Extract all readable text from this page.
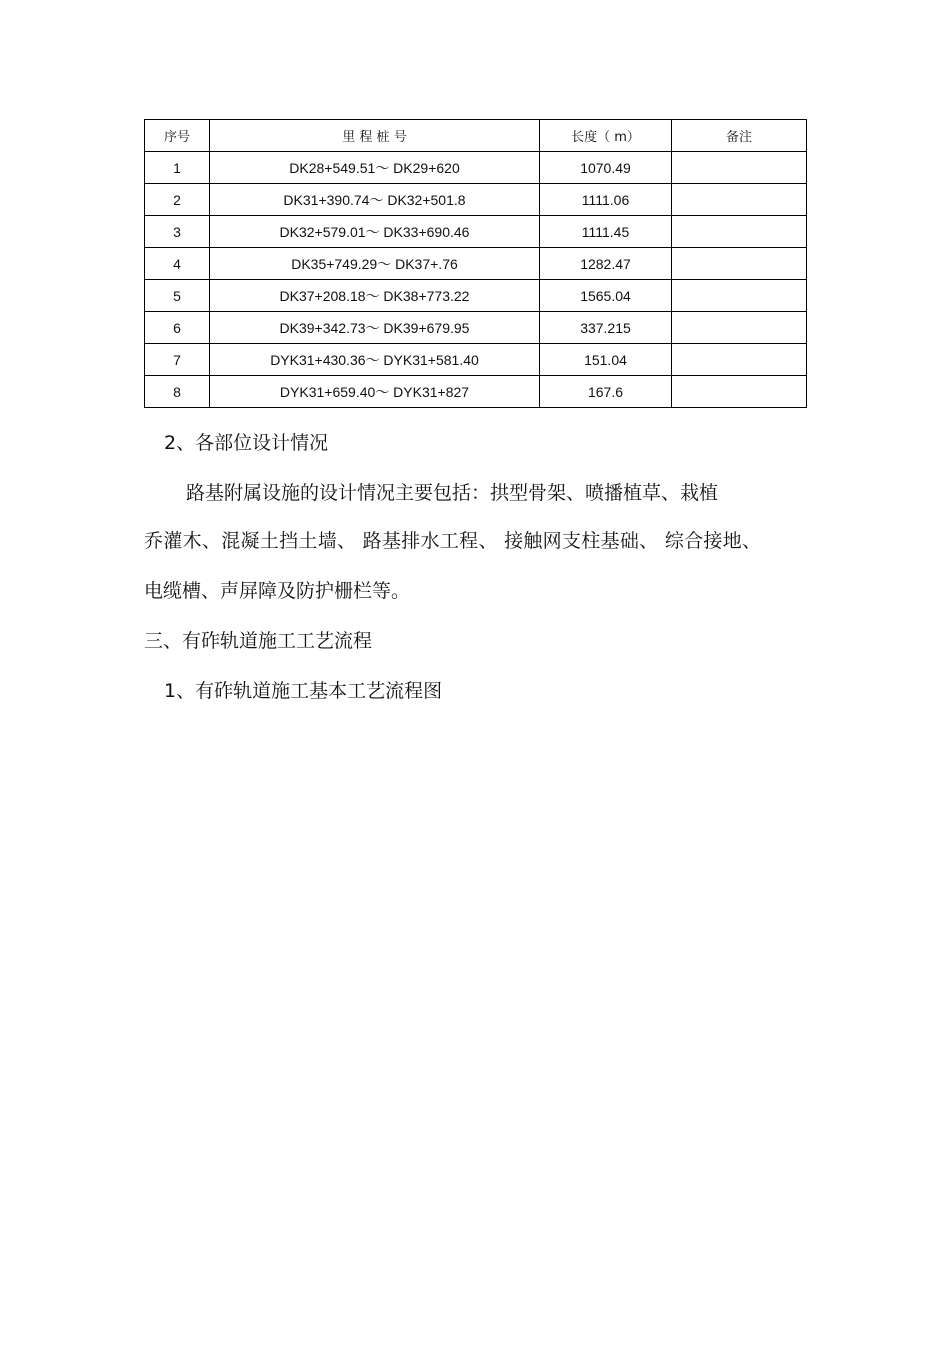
序号	里 程 桩 号	长度（ m）	备注
1	DK28+549.51～ DK29+620	1070.49	
2	DK31+390.74～ DK32+501.8	1111.06	
3	DK32+579.01～ DK33+690.46	1111.45	
4	DK35+749.29～ DK37+.76	1282.47	
5	DK37+208.18～ DK38+773.22	1565.04	
6	DK39+342.73～ DK39+679.95	337.215	
7	DYK31+430.36～ DYK31+581.40	151.04	
8	DYK31+659.40～ DYK31+827	167.6	

2、各部位设计情况

路基附属设施的设计情况主要包括：拱型骨架、喷播植草、栽植

乔灌木、混凝土挡土墙、 路基排水工程、 接触网支柱基础、 综合接地、

电缆槽、声屏障及防护栅栏等。

三、有砟轨道施工工艺流程

1、有砟轨道施工基本工艺流程图
